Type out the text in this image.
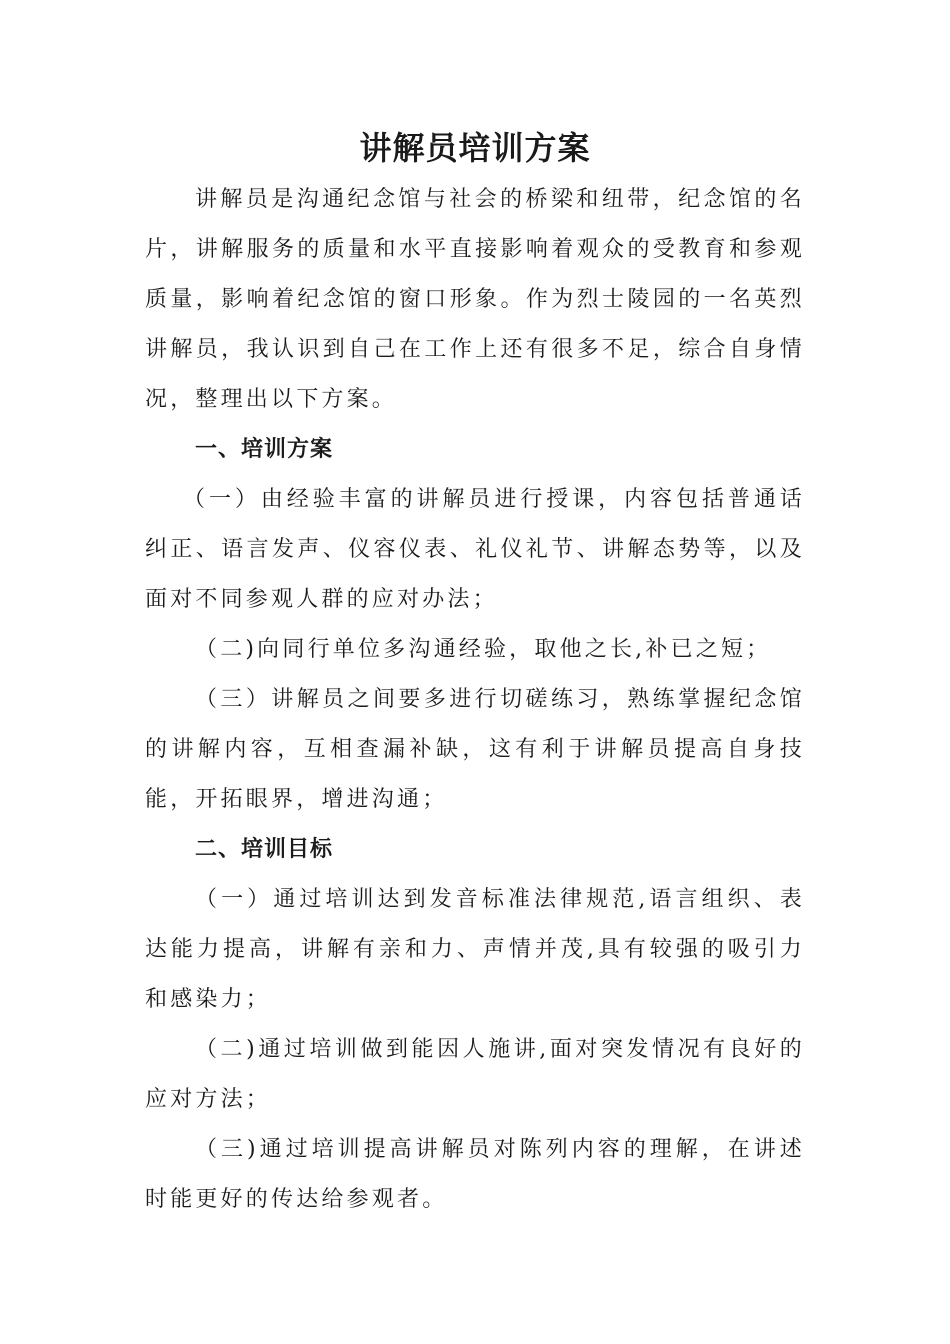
讲解员培训方案

讲解员是沟通纪念馆与社会的桥梁和纽带，纪念馆的名片，讲解服务的质量和水平直接影响着观众的受教育和参观质量，影响着纪念馆的窗口形象。作为烈士陵园的一名英烈讲解员，我认识到自己在工作上还有很多不足，综合自身情况，整理出以下方案。

一、培训方案

（一）由经验丰富的讲解员进行授课，内容包括普通话纠正、语言发声、仪容仪表、礼仪礼节、讲解态势等，以及面对不同参观人群的应对办法；

（二)向同行单位多沟通经验，取他之长,补已之短；

（三）讲解员之间要多进行切磋练习，熟练掌握纪念馆的讲解内容，互相查漏补缺，这有利于讲解员提高自身技能，开拓眼界，增进沟通；

二、培训目标

（一）通过培训达到发音标准法律规范,语言组织、表达能力提高，讲解有亲和力、声情并茂,具有较强的吸引力和感染力；

（二)通过培训做到能因人施讲,面对突发情况有良好的应对方法；

（三)通过培训提高讲解员对陈列内容的理解，在讲述时能更好的传达给参观者。
